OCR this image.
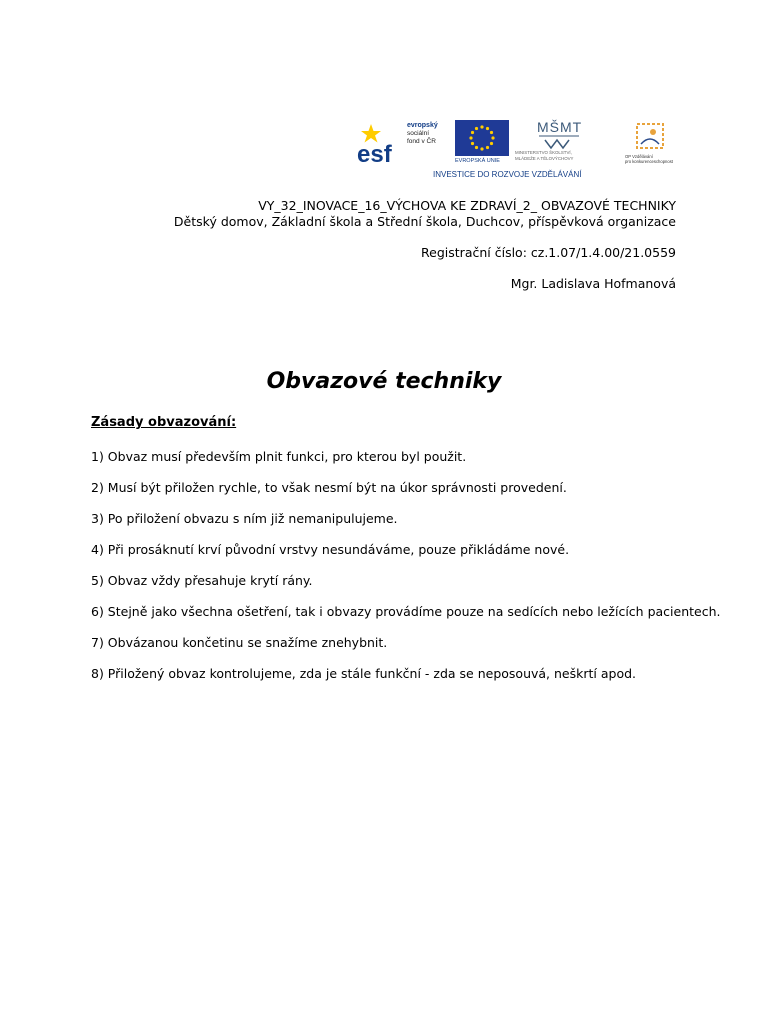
esf
evropský
sociální
fond v ČR
EVROPSKÁ UNIE
MŠMT
MINISTERSTVO ŠKOLSTVÍ,
MLÁDEŽE A TĚLOVÝCHOVY	OP Vzdělávání
pro konkurenceschopnost
INVESTICE DO ROZVOJE VZDĚLÁVÁNÍ
VY_32_INOVACE_16_VÝCHOVA KE ZDRAVÍ_2_ OBVAZOVÉ TECHNIKY
Dětský domov, Základní škola a Střední škola, Duchcov, příspěvková organizace
Registrační číslo: cz.1.07/1.4.00/21.0559
Mgr. Ladislava Hofmanová
Obvazové techniky
Zásady obvazování:
1) Obvaz musí především plnit funkci, pro kterou byl použit.
2) Musí být přiložen rychle, to však nesmí být na úkor správnosti provedení.
3) Po přiložení obvazu s ním již nemanipulujeme.
4) Při prosáknutí krví původní vrstvy nesundáváme, pouze přikládáme nové.
5) Obvaz vždy přesahuje krytí rány.
6) Stejně jako všechna ošetření, tak i obvazy provádíme pouze na sedících nebo ležících pacientech.
7) Obvázanou končetinu se snažíme znehybnit.
8) Přiložený obvaz kontrolujeme, zda je stále funkční - zda se neposouvá, neškrtí apod.
